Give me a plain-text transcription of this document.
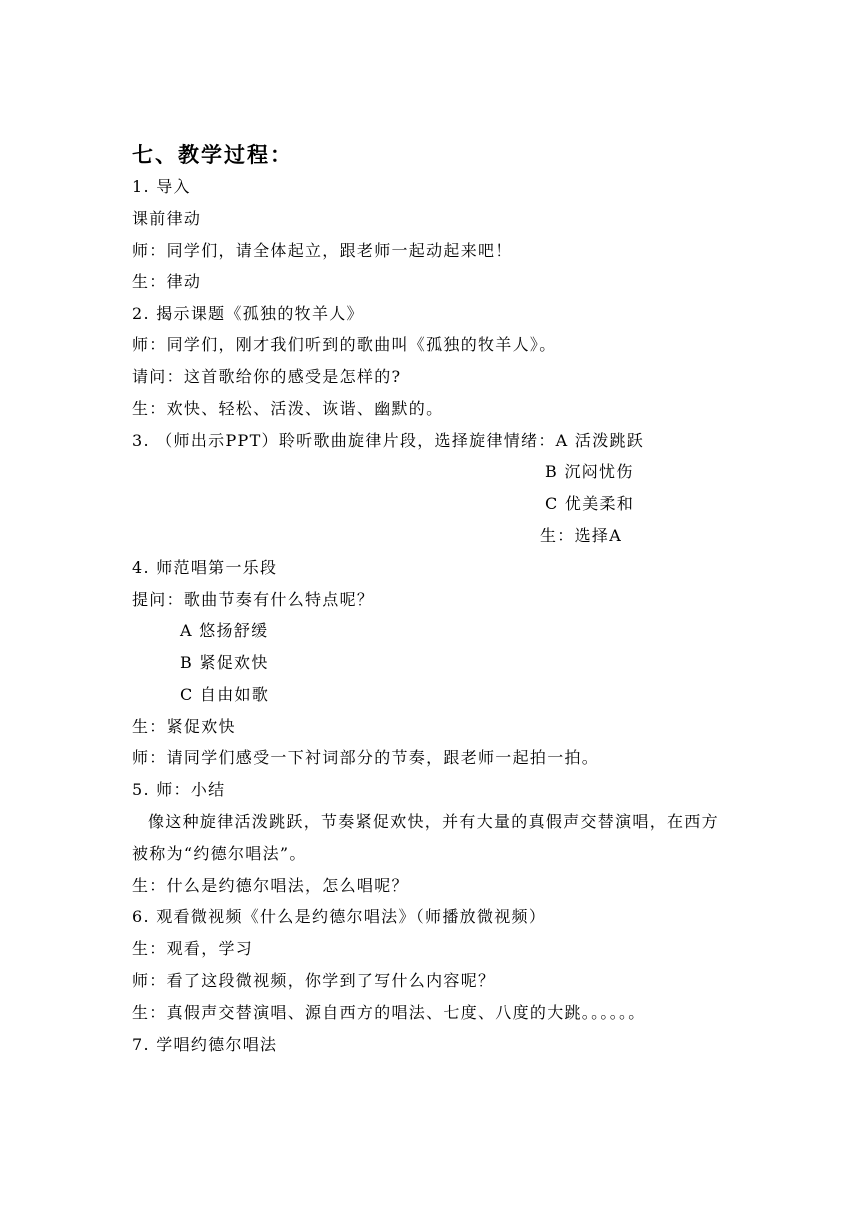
七、教学过程：
1. 导入
课前律动
师：同学们，请全体起立，跟老师一起动起来吧！
生：律动
2. 揭示课题《孤独的牧羊人》
师：同学们，刚才我们听到的歌曲叫《孤独的牧羊人》。
请问：这首歌给你的感受是怎样的?
生：欢快、轻松、活泼、诙谐、幽默的。
3. （师出示PPT）聆听歌曲旋律片段，选择旋律情绪：A 活泼跳跃
B 沉闷忧伤
C 优美柔和
生：选择A
4. 师范唱第一乐段
提问：歌曲节奏有什么特点呢？
A 悠扬舒缓
B 紧促欢快
C 自由如歌
生：紧促欢快
师：请同学们感受一下衬词部分的节奏，跟老师一起拍一拍。
5. 师：小结
像这种旋律活泼跳跃，节奏紧促欢快，并有大量的真假声交替演唱，在西方
被称为“约德尔唱法”。
生：什么是约德尔唱法，怎么唱呢？
6. 观看微视频《什么是约德尔唱法》（师播放微视频）
生：观看，学习
师：看了这段微视频，你学到了写什么内容呢？
生：真假声交替演唱、源自西方的唱法、七度、八度的大跳。。。。。。
7. 学唱约德尔唱法
